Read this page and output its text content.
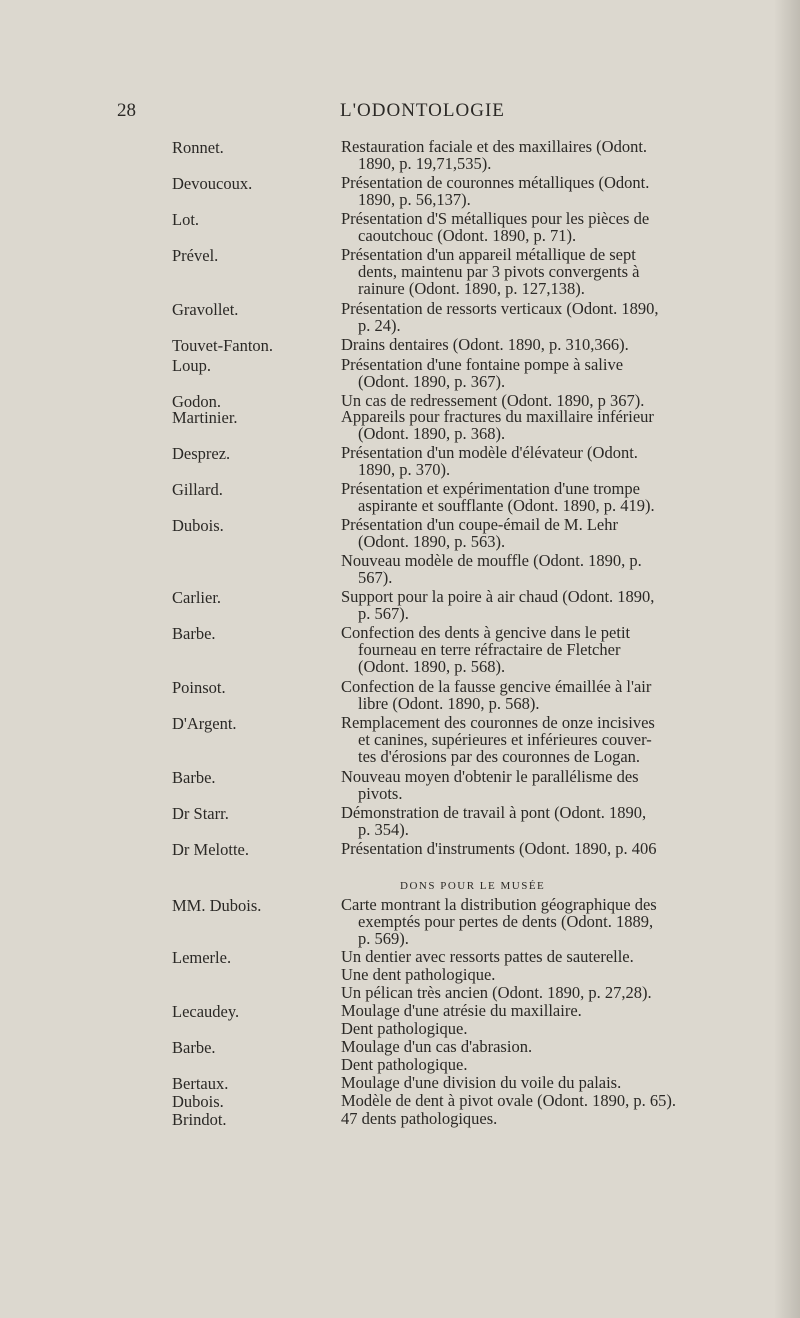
28	L'ODONTOLOGIE
DONS POUR LE MUSÉE
Ronnet.	Restauration faciale et des maxillaires (Odont.
1890, p. 19,71,535).
Devoucoux.	Présentation de couronnes métalliques (Odont.
1890, p. 56,137).
Lot.	Présentation d'S métalliques pour les pièces de
caoutchouc (Odont. 1890, p. 71).
Prével.	Présentation d'un appareil métallique de sept
dents, maintenu par 3 pivots convergents à
rainure (Odont. 1890, p. 127,138).
Gravollet.	Présentation de ressorts verticaux (Odont. 1890,
p. 24).
Touvet-Fanton.	Drains dentaires (Odont. 1890, p. 310,366).
Loup.	Présentation d'une fontaine pompe à salive
(Odont. 1890, p. 367).
Godon.	Un cas de redressement (Odont. 1890, p 367).
Martinier.	Appareils pour fractures du maxillaire inférieur
(Odont. 1890, p. 368).
Desprez.	Présentation d'un modèle d'élévateur (Odont.
1890, p. 370).
Gillard.	Présentation et expérimentation d'une trompe
aspirante et soufflante (Odont. 1890, p. 419).
Dubois.	Présentation d'un coupe-émail de M. Lehr
(Odont. 1890, p. 563).
Nouveau modèle de mouffle (Odont. 1890, p.
567).
Carlier.	Support pour la poire à air chaud (Odont. 1890,
p. 567).
Barbe.	Confection des dents à gencive dans le petit
fourneau en terre réfractaire de Fletcher
(Odont. 1890, p. 568).
Poinsot.	Confection de la fausse gencive émaillée à l'air
libre (Odont. 1890, p. 568).
D'Argent.	Remplacement des couronnes de onze incisives
et canines, supérieures et inférieures couver-
tes d'érosions par des couronnes de Logan.
Barbe.	Nouveau moyen d'obtenir le parallélisme des
pivots.
Dr Starr.	Démonstration de travail à pont (Odont. 1890,
p. 354).
Dr Melotte.	Présentation d'instruments (Odont. 1890, p. 406
MM. Dubois.	Carte montrant la distribution géographique des
exemptés pour pertes de dents (Odont. 1889,
p. 569).
Lemerle.	Un dentier avec ressorts pattes de sauterelle.
Une dent pathologique.
Un pélican très ancien (Odont. 1890, p. 27,28).
Lecaudey.	Moulage d'une atrésie du maxillaire.
Dent pathologique.
Barbe.	Moulage d'un cas d'abrasion.
Dent pathologique.
Bertaux.	Moulage d'une division du voile du palais.
Dubois.	Modèle de dent à pivot ovale (Odont. 1890, p. 65).
Brindot.	47 dents pathologiques.
